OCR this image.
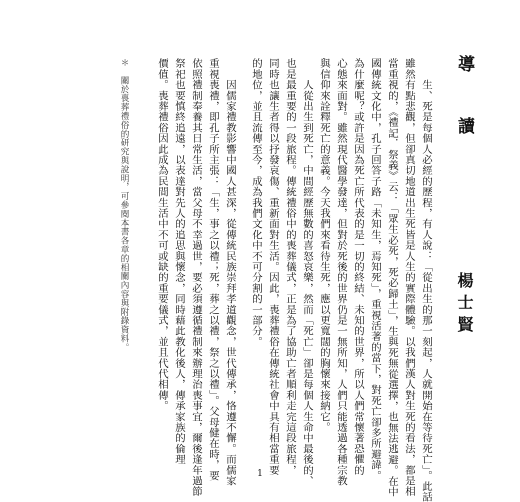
導　讀
楊士賢
　　生、死是每個人必經的歷程，有人說：「從出生的那一刻起，人就開始在等待死亡」。此話
雖然有點悲觀，但卻真切地道出生死皆是人生的實際體驗。以我們漢人對生死的看法，都是相
當重視的，《禮記．祭義》云：「眾生必死，死必歸土」，生與死無從選擇，也無法逃避。在中
國傳統文化中，孔子回答子路「未知生，焉知死」，重視活著的當下，對死亡卻多所避諱。
為什麼呢？或許是因為死亡所代表的是一切的終結、未知的世界，所以人們常懷著恐懼的
心態來面對。雖然現代醫學發達，但對於死後的世界仍是一無所知，人們只能透過各種宗教
與信仰來詮釋死亡的意義。今天我們來看待生死，應以更寬闊的胸懷來接納它。
　　人從出生到死亡，中間經歷無數的喜怒哀樂，然而「死亡」卻是每個人生命中最後的、
也是最重要的一段旅程。傳統禮俗中的喪葬儀式，正是為了協助亡者順利走完這段旅程，
同時也讓生者得以抒發哀傷、重新面對生活。因此，喪葬禮俗在傳統社會中具有相當重要
的地位，並且流傳至今，成為我們文化中不可分割的一部分。
　　因儒家禮教影響中國人甚深，從傳統民族崇拜孝道觀念，世代傳承，恪遵不懈。而儒家
重視喪禮，即孔子所主張：「生，事之以禮；死，葬之以禮，祭之以禮」。父母健在時，要
依照禮制奉養其日常生活，當父母不幸過世，要必須遵循禮制來辦理治喪事宜，爾後逢年過節
祭祀也要慎終追遠，以表達對先人的追思與懷念，同時藉此教化後人，傳承家族的倫理
價值。喪葬禮俗因此成為民間生活中不可或缺的重要儀式，並且代代相傳。
＊　關於喪葬禮俗的研究與說明，可參閱本書各章的相關內容與附錄資料。
1
